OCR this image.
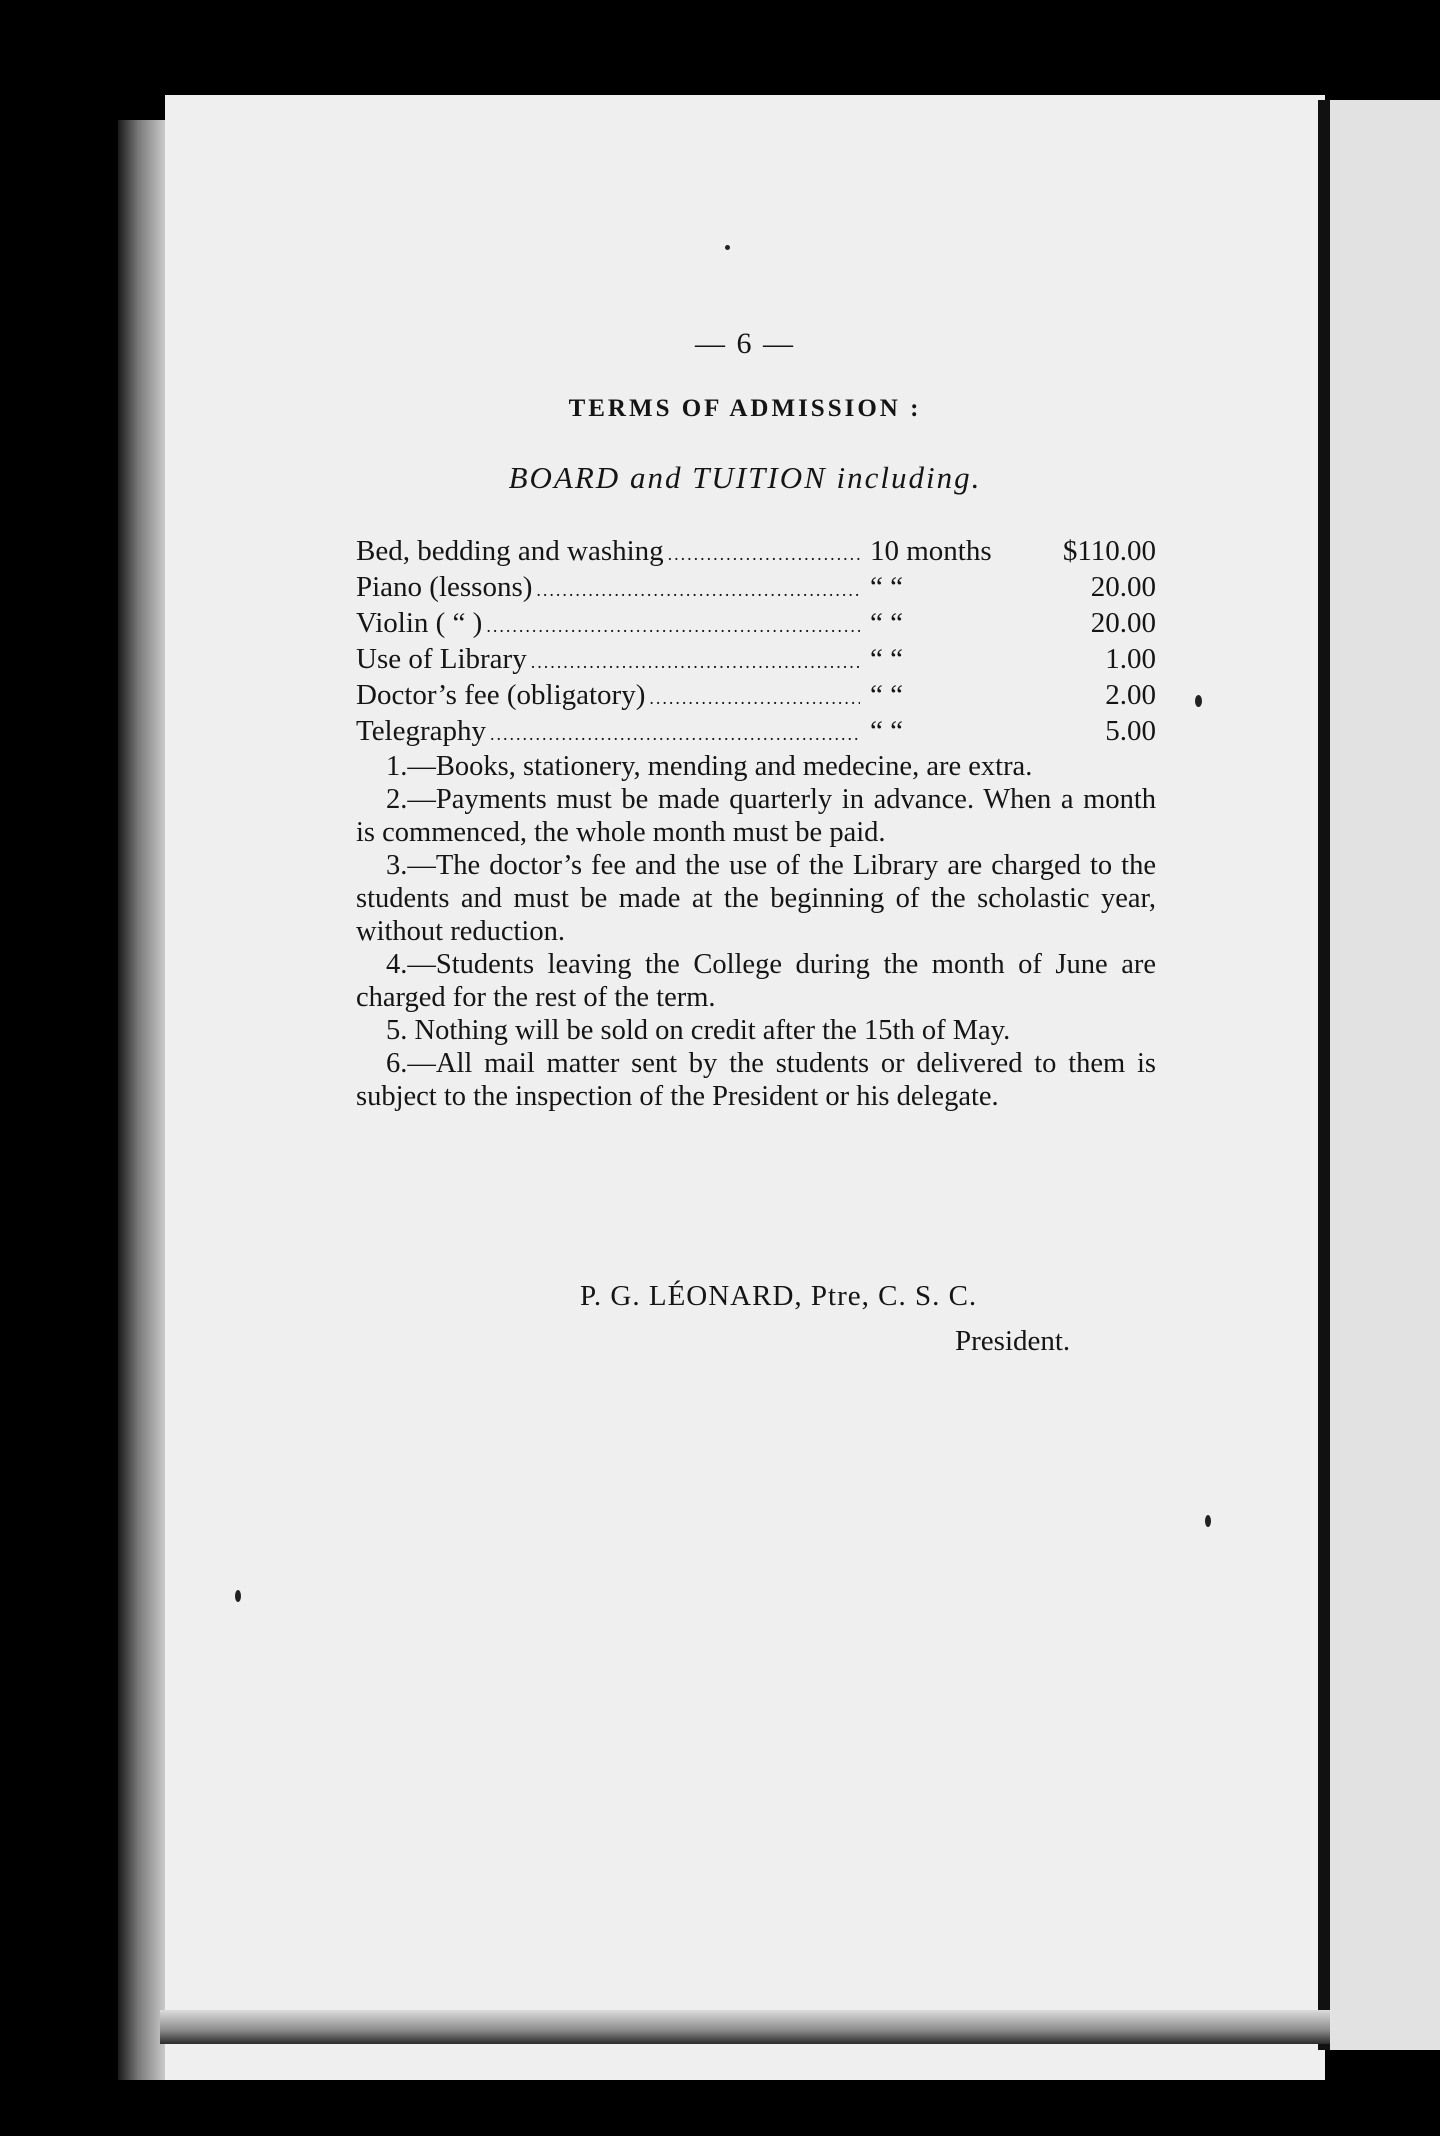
— 6 —
TERMS OF ADMISSION :
BOARD and TUITION including.
Bed, bedding and washing .....	10 months	$110.00
Piano (lessons) .....	“ “	20.00
Violin ( “ ) .....	“ “	20.00
Use of Library .....	“ “	1.00
Doctor’s fee (obligatory) .....	“ “	2.00
Telegraphy .....	“ “	5.00

1.—Books, stationery, mending and medecine, are extra.

2.—Payments must be made quarterly in advance. When a month is commenced, the whole month must be paid.

3.—The doctor’s fee and the use of the Library are charged to the students and must be made at the beginning of the scholastic year, without reduction.

4.—Students leaving the College during the month of June are charged for the rest of the term.

5. Nothing will be sold on credit after the 15th of May.

6.—All mail matter sent by the students or delivered to them is subject to the inspection of the President or his delegate.

P. G. LÉONARD, Ptre, C. S. C.
President.
